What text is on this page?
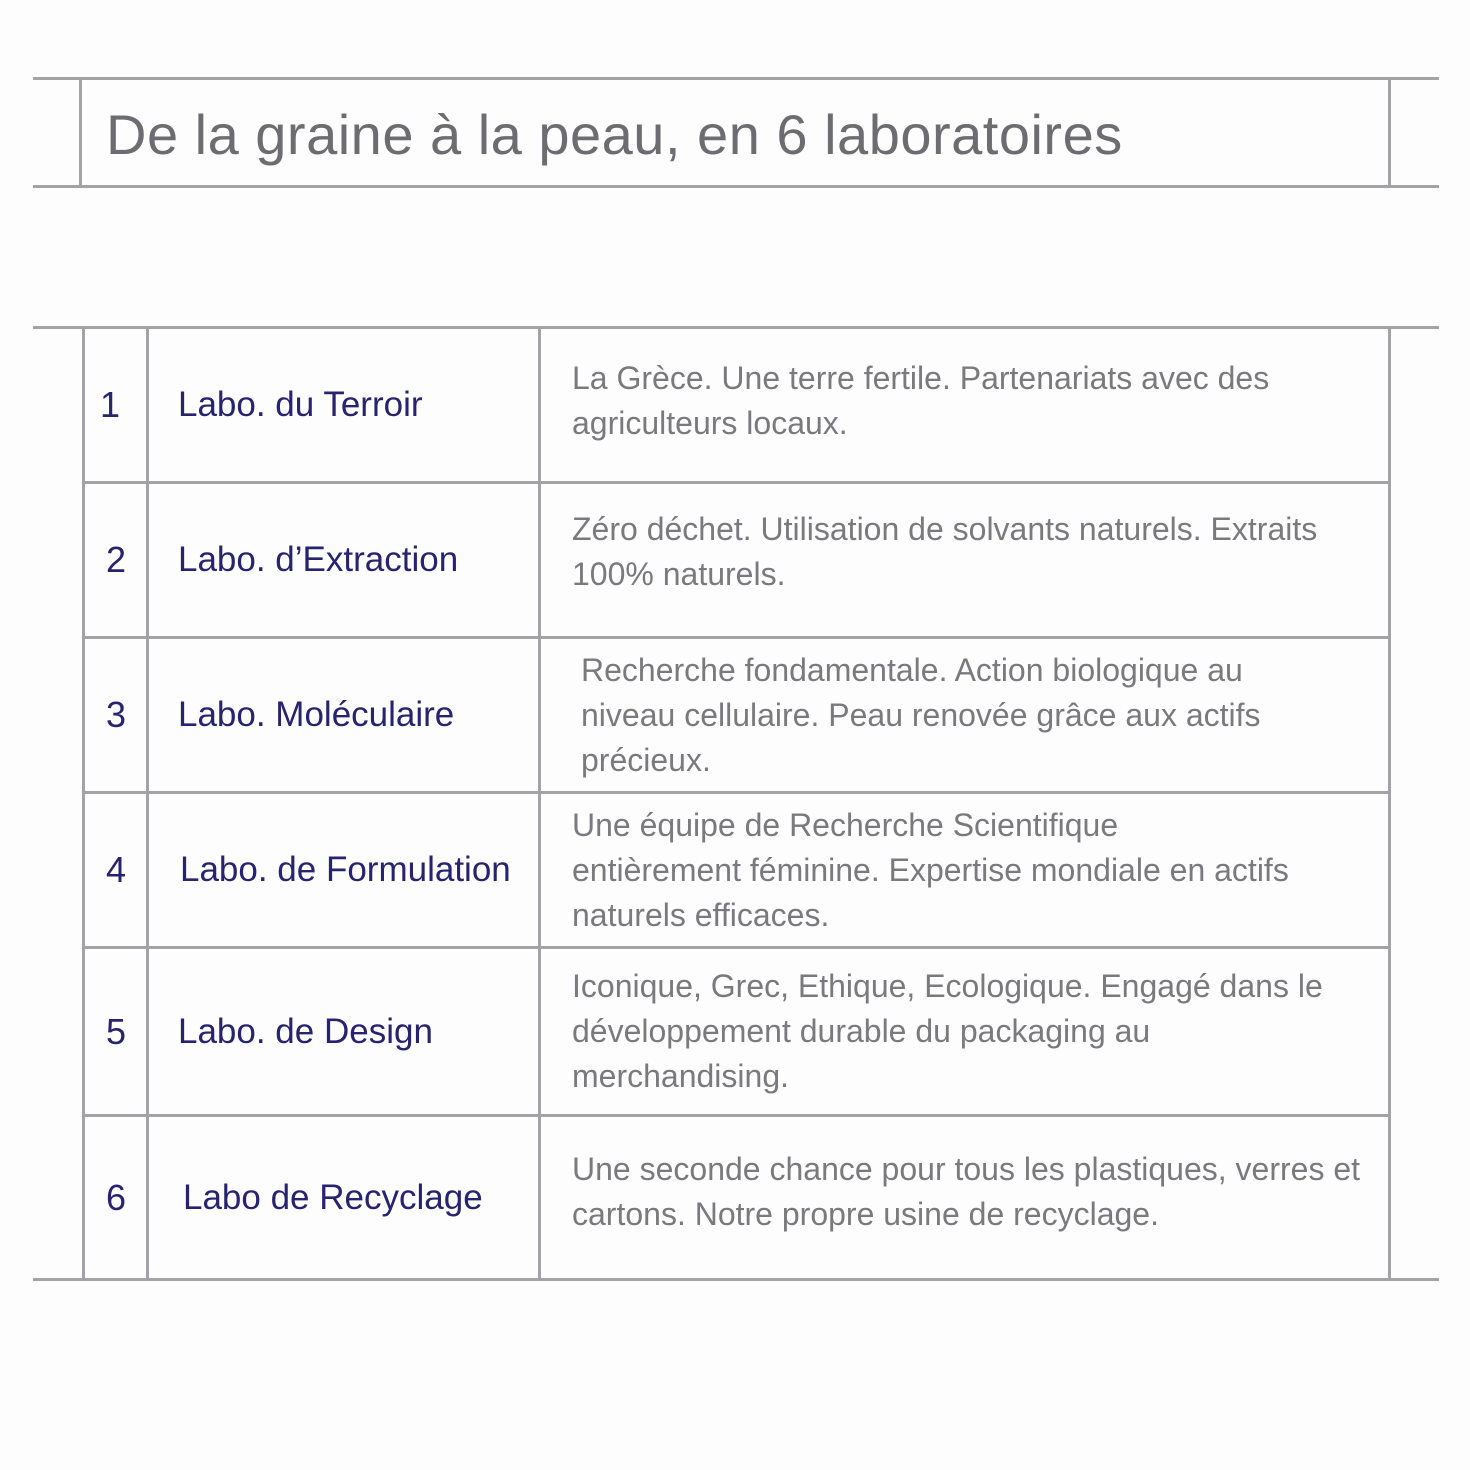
De la graine à la peau, en 6 laboratoires
1	Labo. du Terroir
La Grèce. Une terre fertile. Partenariats avec des agriculteurs locaux.
2	Labo. d’Extraction
Zéro déchet. Utilisation de solvants naturels. Extraits 100% naturels.
3	Labo. Moléculaire
Recherche fondamentale. Action biologique au niveau cellulaire. Peau renovée grâce aux actifs précieux.
4	Labo. de Formulation
Une équipe de Recherche Scientifique entièrement féminine. Expertise mondiale en actifs naturels efficaces.
5	Labo. de Design
Iconique, Grec, Ethique, Ecologique. Engagé dans le développement durable du packaging au merchandising.
6	Labo de Recyclage
Une seconde chance pour tous les plastiques, verres et cartons. Notre propre usine de recyclage.
